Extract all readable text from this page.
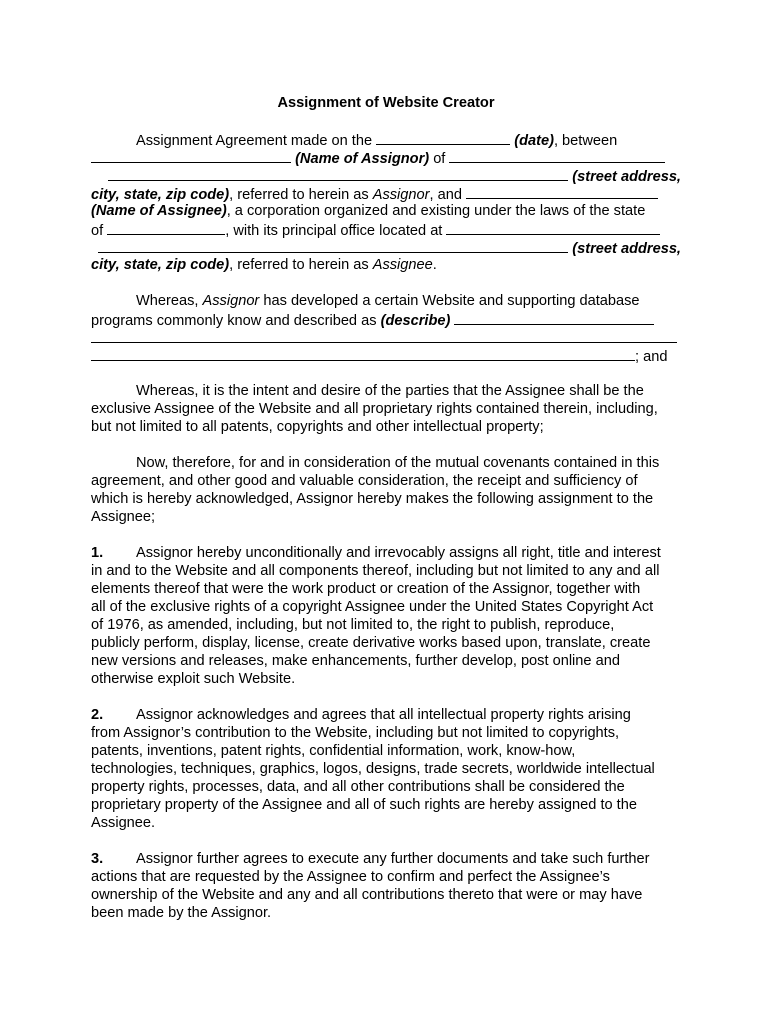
Assignment of Website Creator
Assignment Agreement made on the	(date), between
(Name of Assignor) of
(street address,
city, state, zip code), referred to herein as Assignor, and
(Name of Assignee), a corporation organized and existing under the laws of the state
of	, with its principal office located at
(street address,
city, state, zip code), referred to herein as Assignee.
Whereas, Assignor has developed a certain Website and supporting database
programs commonly know and described as (describe)
; and
Whereas, it is the intent and desire of the parties that the Assignee shall be the
exclusive Assignee of the Website and all proprietary rights contained therein, including,
but not limited to all patents, copyrights and other intellectual property;
Now, therefore, for and in consideration of the mutual covenants contained in this
agreement, and other good and valuable consideration, the receipt and sufficiency of
which is hereby acknowledged, Assignor hereby makes the following assignment to the
Assignee;
1. Assignor hereby unconditionally and irrevocably assigns all right, title and interest
in and to the Website and all components thereof, including but not limited to any and all
elements thereof that were the work product or creation of the Assignor, together with
all of the exclusive rights of a copyright Assignee under the United States Copyright Act
of 1976, as amended, including, but not limited to, the right to publish, reproduce,
publicly perform, display, license, create derivative works based upon, translate, create
new versions and releases, make enhancements, further develop, post online and
otherwise exploit such Website.
2. Assignor acknowledges and agrees that all intellectual property rights arising
from Assignor’s contribution to the Website, including but not limited to copyrights,
patents, inventions, patent rights, confidential information, work, know-how,
technologies, techniques, graphics, logos, designs, trade secrets, worldwide intellectual
property rights, processes, data, and all other contributions shall be considered the
proprietary property of the Assignee and all of such rights are hereby assigned to the
Assignee.
3. Assignor further agrees to execute any further documents and take such further
actions that are requested by the Assignee to confirm and perfect the Assignee’s
ownership of the Website and any and all contributions thereto that were or may have
been made by the Assignor.
